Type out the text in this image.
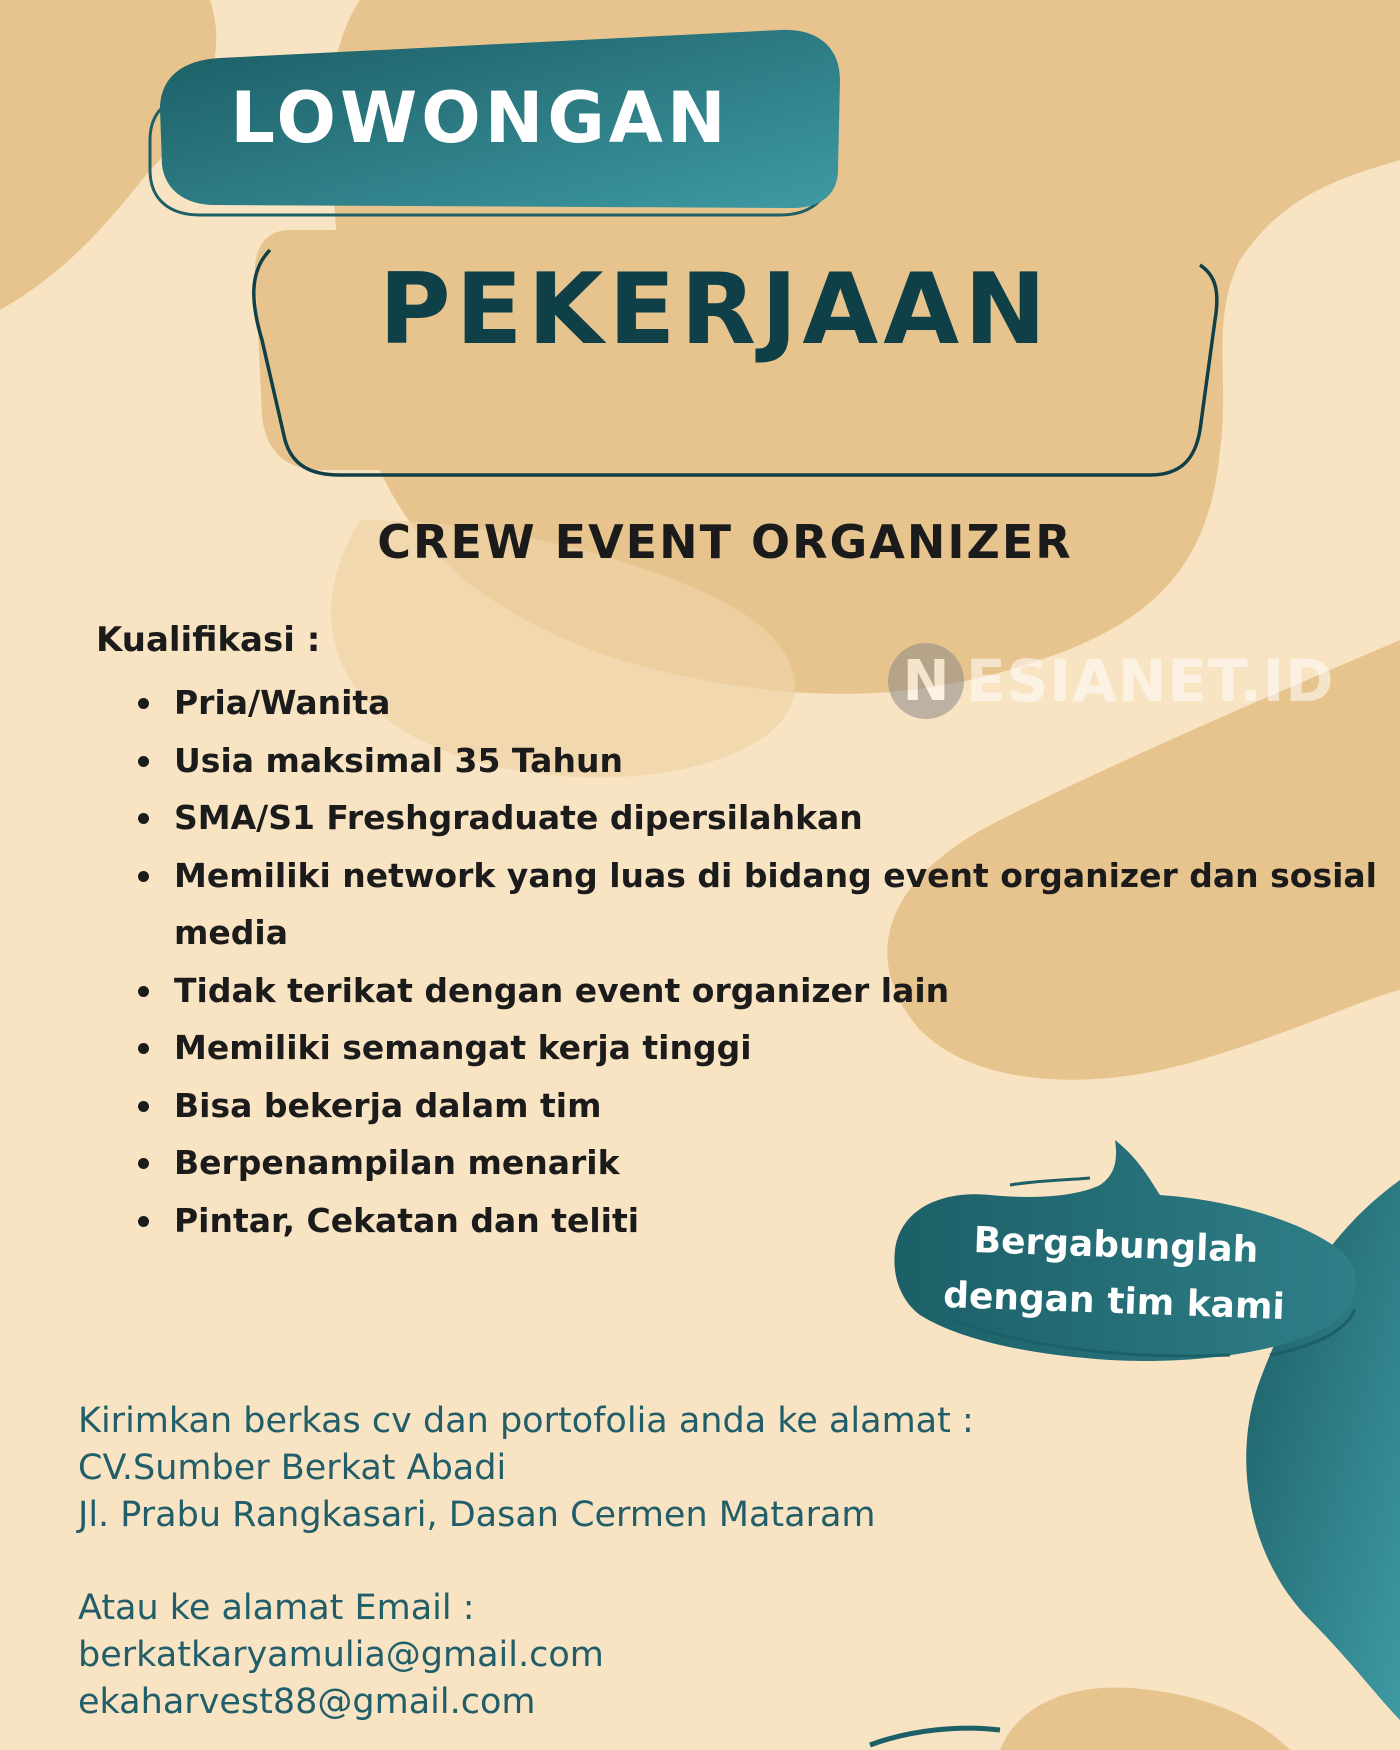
LOWONGAN
PEKERJAAN
CREW EVENT ORGANIZER
N ESIANET.ID
Kualifikasi :
Pria/Wanita
Usia maksimal 35 Tahun
SMA/S1 Freshgraduate dipersilahkan
Memiliki network yang luas di bidang event organizer dan sosial media
Tidak terikat dengan event organizer lain
Memiliki semangat kerja tinggi
Bisa bekerja dalam tim
Berpenampilan menarik
Pintar, Cekatan dan teliti
Bergabunglah
dengan tim kami

Kirimkan berkas cv dan portofolia anda ke alamat :

CV.Sumber Berkat Abadi

Jl. Prabu Rangkasari, Dasan Cermen Mataram

Atau ke alamat Email :

berkatkaryamulia@gmail.com

ekaharvest88@gmail.com
